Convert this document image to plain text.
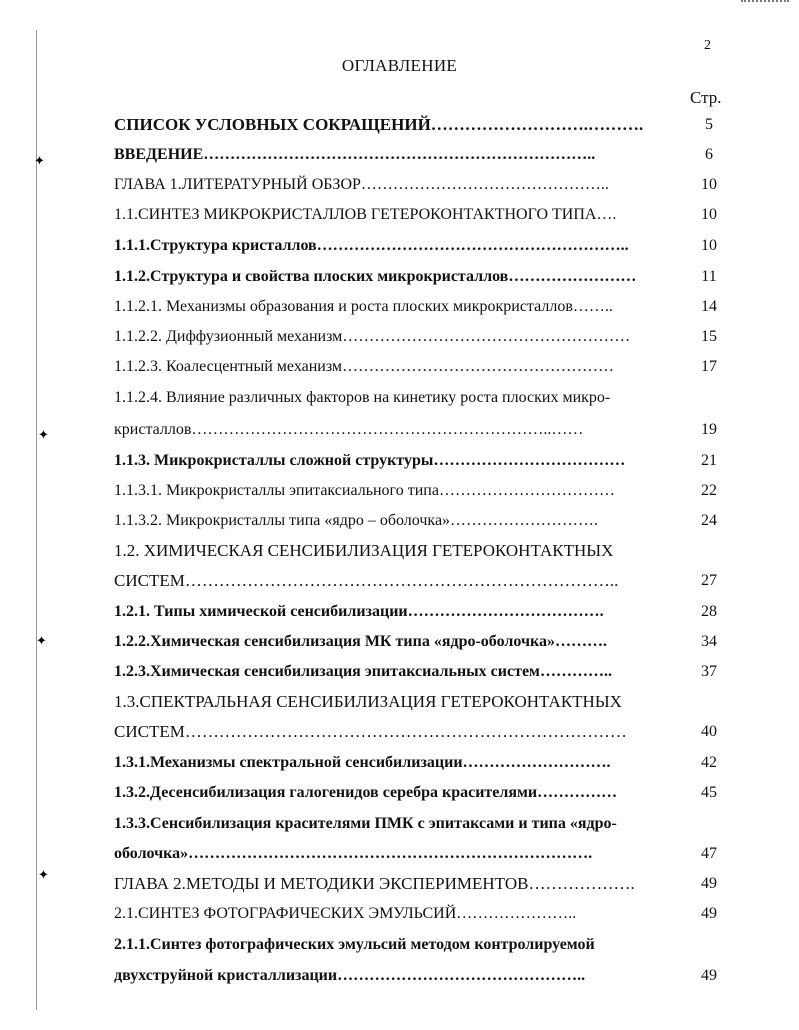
✦
✦
✦
✦
2
ОГЛАВЛЕНИЕ
Стр.
СПИСОК УСЛОВНЫХ СОКРАЩЕНИЙ……………………….……….	5
ВВЕДЕНИЕ………………………………………………………………..	6
ГЛАВА 1.ЛИТЕРАТУРНЫЙ ОБЗОР………………………………………..	10
1.1.СИНТЕЗ МИКРОКРИСТАЛЛОВ ГЕТЕРОКОНТАКТНОГО ТИПА….	10
1.1.1.Структура кристаллов…………………………………………………..	10
1.1.2.Структура и свойства плоских микрокристаллов……………………	11
1.1.2.1. Механизмы образования и роста плоских микрокристаллов……..	14
1.1.2.2. Диффузионный механизм………………………………………………	15
1.1.2.3. Коалесцентный механизм……………………………………………	17
1.1.2.4. Влияние различных факторов на кинетику роста плоских микро-
кристаллов…………………………………………………………..……	19
1.1.3. Микрокристаллы сложной структуры………………………………	21
1.1.3.1. Микрокристаллы эпитаксиального типа……………………………	22
1.1.3.2. Микрокристаллы типа «ядро – оболочка»……………………….	24
1.2. ХИМИЧЕСКАЯ СЕНСИБИЛИЗАЦИЯ ГЕТЕРОКОНТАКТНЫХ
СИСТЕМ…………………………………………………………………..	27
1.2.1. Типы химической сенсибилизации……………………………….	28
1.2.2.Химическая сенсибилизация МК типа «ядро-оболочка»……….	34
1.2.3.Химическая сенсибилизация эпитаксиальных систем…………..	37
1.3.СПЕКТРАЛЬНАЯ СЕНСИБИЛИЗАЦИЯ ГЕТЕРОКОНТАКТНЫХ
СИСТЕМ……………………………………………………………………	40
1.3.1.Механизмы спектральной сенсибилизации……………………….	42
1.3.2.Десенсибилизация галогенидов серебра красителями……………	45
1.3.3.Сенсибилизация красителями ПМК с эпитаксами и типа «ядро-
оболочка»………………………………………………………………….	47
ГЛАВА 2.МЕТОДЫ И МЕТОДИКИ ЭКСПЕРИМЕНТОВ……………….	49
2.1.СИНТЕЗ ФОТОГРАФИЧЕСКИХ ЭМУЛЬСИЙ…………………..	49
2.1.1.Синтез фотографических эмульсий методом контролируемой
двухструйной кристаллизации………………………………………..	49
